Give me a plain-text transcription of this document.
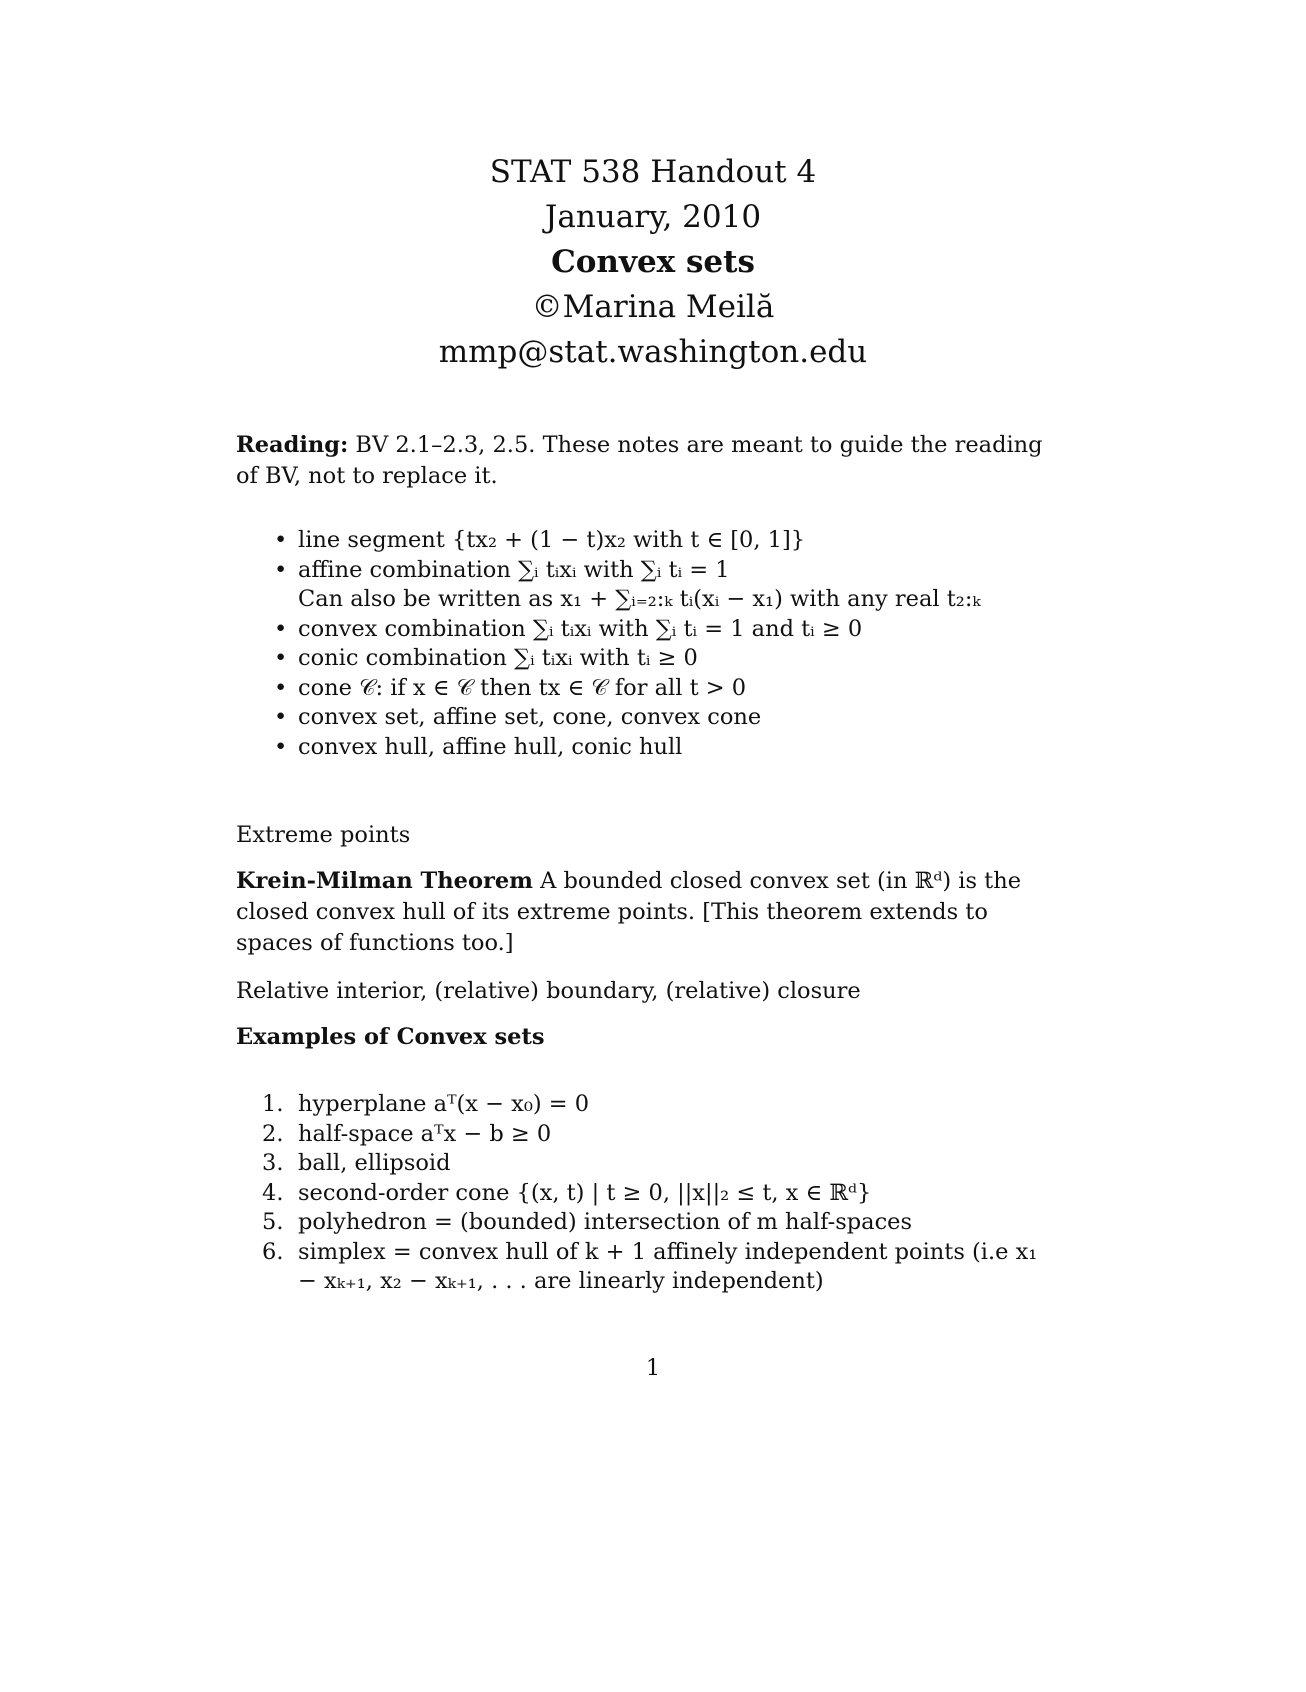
STAT 538 Handout 4
January, 2010
Convex sets
©Marina Meilă
mmp@stat.washington.edu
Reading: BV 2.1–2.3, 2.5. These notes are meant to guide the reading of BV, not to replace it.
• line segment {tx₂ + (1 − t)x₂ with t ∈ [0, 1]}
• affine combination ∑ᵢ tᵢxᵢ with ∑ᵢ tᵢ = 1
Can also be written as x₁ + ∑ᵢ₌₂:ₖ tᵢ(xᵢ − x₁) with any real t₂:ₖ
• convex combination ∑ᵢ tᵢxᵢ with ∑ᵢ tᵢ = 1 and tᵢ ≥ 0
• conic combination ∑ᵢ tᵢxᵢ with tᵢ ≥ 0
• cone 𝒞: if x ∈ 𝒞 then tx ∈ 𝒞 for all t > 0
• convex set, affine set, cone, convex cone
• convex hull, affine hull, conic hull
Extreme points
Krein-Milman Theorem A bounded closed convex set (in ℝᵈ) is the closed convex hull of its extreme points. [This theorem extends to spaces of functions too.]
Relative interior, (relative) boundary, (relative) closure
Examples of Convex sets
1. hyperplane aᵀ(x − x₀) = 0
2. half-space aᵀx − b ≥ 0
3. ball, ellipsoid
4. second-order cone {(x, t) | t ≥ 0, ||x||₂ ≤ t, x ∈ ℝᵈ}
5. polyhedron = (bounded) intersection of m half-spaces
6. simplex = convex hull of k + 1 affinely independent points (i.e x₁ − xₖ₊₁, x₂ − xₖ₊₁, . . . are linearly independent)
1
